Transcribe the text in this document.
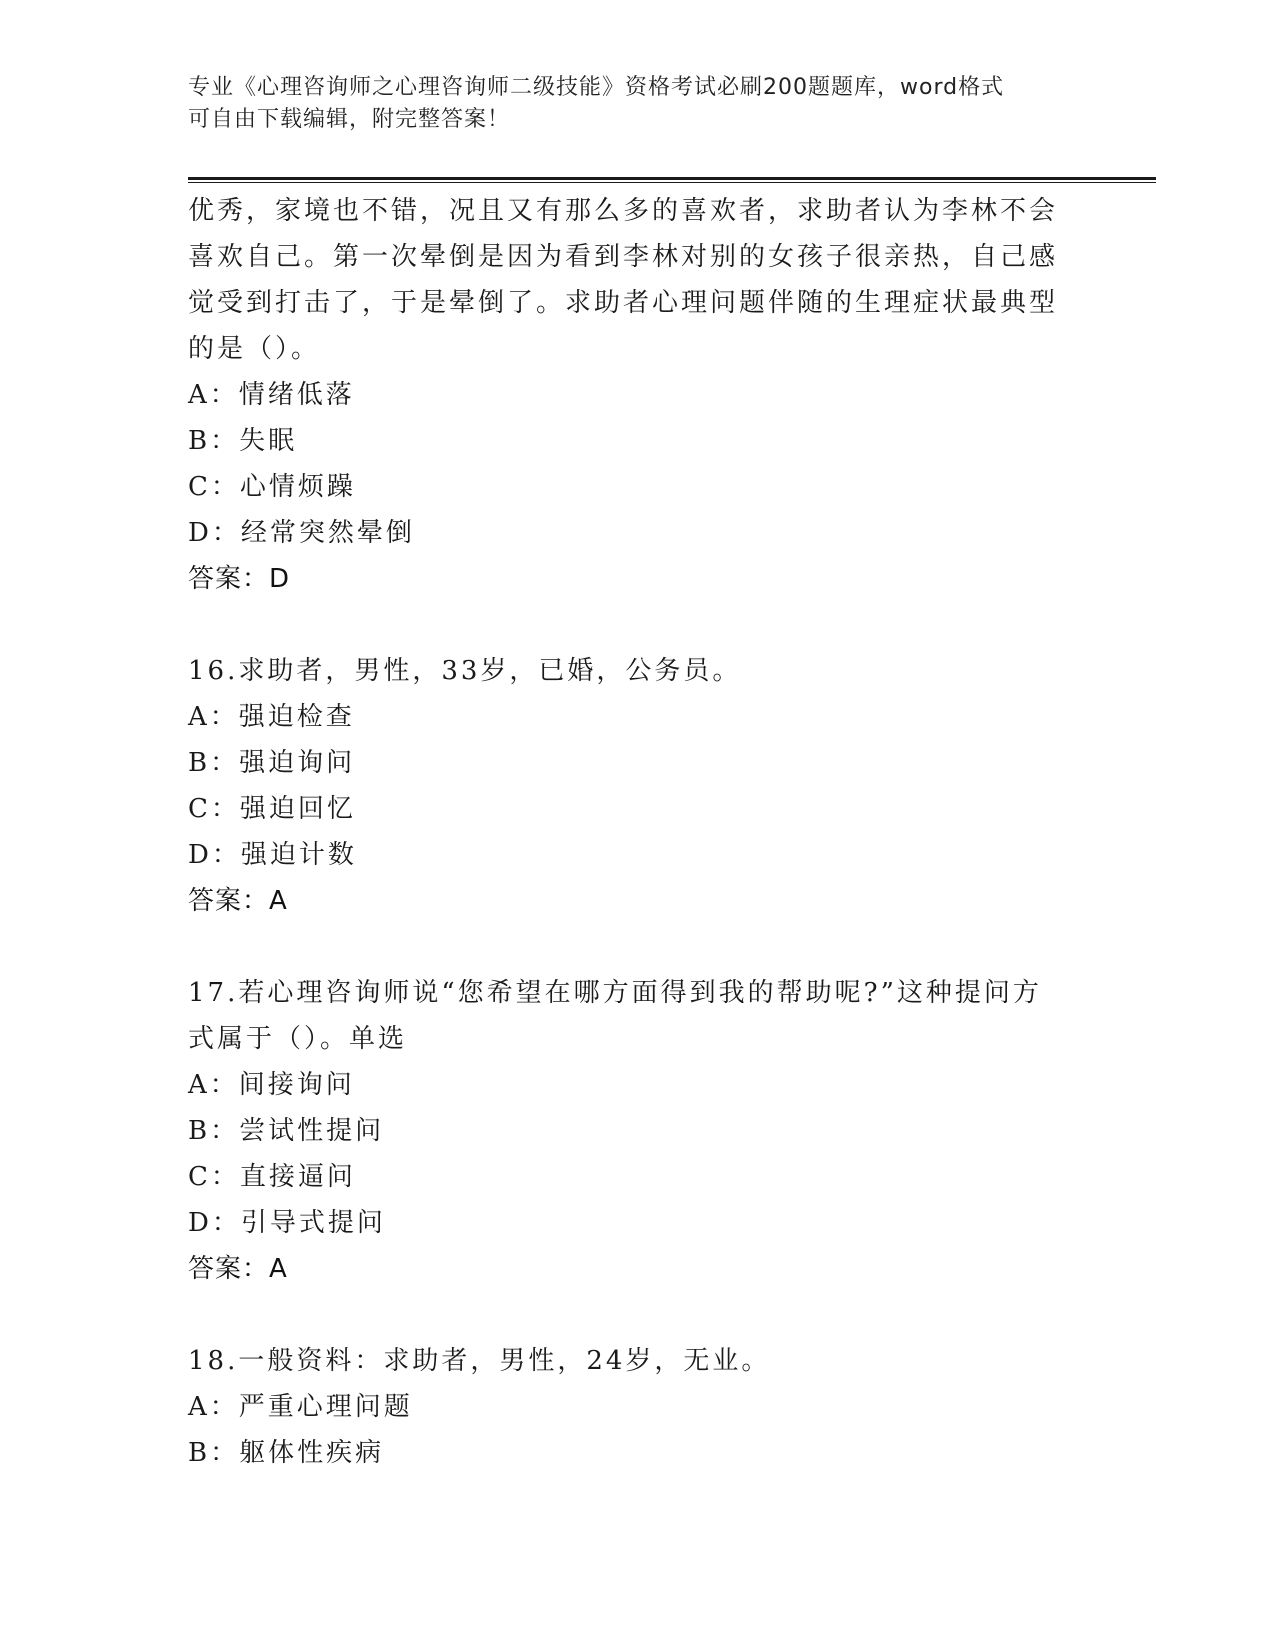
专业《心理咨询师之心理咨询师二级技能》资格考试必刷200题题库，word格式
可自由下载编辑，附完整答案！

优秀，家境也不错，况且又有那么多的喜欢者，求助者认为李林不会

喜欢自己。第一次晕倒是因为看到李林对别的女孩子很亲热，自己感

觉受到打击了，于是晕倒了。求助者心理问题伴随的生理症状最典型

的是（）。

A：情绪低落

B：失眠

C：心情烦躁

D：经常突然晕倒

答案：D

16.求助者，男性，33岁，已婚，公务员。

A：强迫检查

B：强迫询问

C：强迫回忆

D：强迫计数

答案：A

17.若心理咨询师说“您希望在哪方面得到我的帮助呢?”这种提问方

式属于（）。单选

A：间接询问

B：尝试性提问

C：直接逼问

D：引导式提问

答案：A

18.一般资料：求助者，男性，24岁，无业。

A：严重心理问题

B：躯体性疾病
